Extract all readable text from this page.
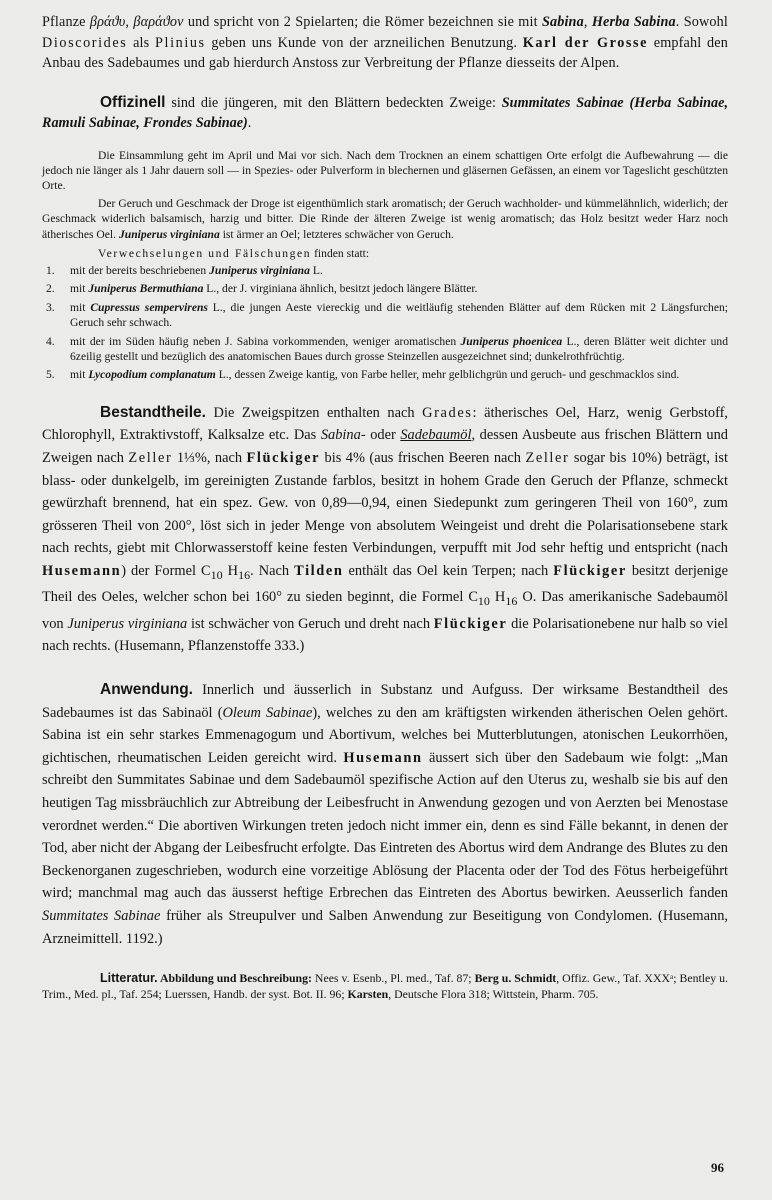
Pflanze βράϑυ, βαράϑον und spricht von 2 Spielarten; die Römer bezeichnen sie mit Sabina, Herba Sabina. Sowohl Dioscorides als Plinius geben uns Kunde von der arzneilichen Benutzung. Karl der Grosse empfahl den Anbau des Sadebaumes und gab hierdurch Anstoss zur Verbreitung der Pflanze diesseits der Alpen.

Offizinell sind die jüngeren, mit den Blättern bedeckten Zweige: Summitates Sabinae (Herba Sabinae, Ramuli Sabinae, Frondes Sabinae).

Die Einsammlung geht im April und Mai vor sich. Nach dem Trocknen an einem schattigen Orte erfolgt die Aufbewahrung — die jedoch nie länger als 1 Jahr dauern soll — in Spezies- oder Pulverform in blechernen und gläsernen Gefässen, an einem vor Tageslicht geschützten Orte.

Der Geruch und Geschmack der Droge ist eigenthümlich stark aromatisch; der Geruch wachholder- und kümmelähnlich, widerlich; der Geschmack widerlich balsamisch, harzig und bitter. Die Rinde der älteren Zweige ist wenig aromatisch; das Holz besitzt weder Harz noch ätherisches Oel. Juniperus virginiana ist ärmer an Oel; letzteres schwächer von Geruch.

Verwechselungen und Fälschungen finden statt:

1.	mit der bereits beschriebenen Juniperus virginiana L.
2.	mit Juniperus Bermuthiana L., der J. virginiana ähnlich, besitzt jedoch längere Blätter.
3.	mit Cupressus sempervirens L., die jungen Aeste viereckig und die weitläufig stehenden Blätter auf dem Rücken mit 2 Längsfurchen; Geruch sehr schwach.
4.	mit der im Süden häufig neben J. Sabina vorkommenden, weniger aromatischen Juniperus phoenicea L., deren Blätter weit dichter und 6zeilig gestellt und bezüglich des anatomischen Baues durch grosse Steinzellen ausgezeichnet sind; dunkelrothfrüchtig.
5.	mit Lycopodium complanatum L., dessen Zweige kantig, von Farbe heller, mehr gelblichgrün und geruch- und geschmacklos sind.

Bestandtheile. Die Zweigspitzen enthalten nach Grades: ätherisches Oel, Harz, wenig Gerbstoff, Chlorophyll, Extraktivstoff, Kalksalze etc. Das Sabina- oder Sadebaumöl, dessen Ausbeute aus frischen Blättern und Zweigen nach Zeller 1⅓%, nach Flückiger bis 4% (aus frischen Beeren nach Zeller sogar bis 10%) beträgt, ist blass- oder dunkelgelb, im gereinigten Zustande farblos, besitzt in hohem Grade den Geruch der Pflanze, schmeckt gewürzhaft brennend, hat ein spez. Gew. von 0,89—0,94, einen Siedepunkt zum geringeren Theil von 160°, zum grösseren Theil von 200°, löst sich in jeder Menge von absolutem Weingeist und dreht die Polarisationsebene stark nach rechts, giebt mit Chlorwasserstoff keine festen Verbindungen, verpufft mit Jod sehr heftig und entspricht (nach Husemann) der Formel $C_{10}$ $H_{16}$. Nach Tilden enthält das Oel kein Terpen; nach Flückiger besitzt derjenige Theil des Oeles, welcher schon bei 160° zu sieden beginnt, die Formel $C_{10}$ $H_{16}$ O. Das amerikanische Sadebaumöl von Juniperus virginiana ist schwächer von Geruch und dreht nach Flückiger die Polarisationebene nur halb so viel nach rechts. (Husemann, Pflanzenstoffe 333.)

Anwendung. Innerlich und äusserlich in Substanz und Aufguss. Der wirksame Bestandtheil des Sadebaumes ist das Sabinaöl (Oleum Sabinae), welches zu den am kräftigsten wirkenden ätherischen Oelen gehört. Sabina ist ein sehr starkes Emmenagogum und Abortivum, welches bei Mutterblutungen, atonischen Leukorrhöen, gichtischen, rheumatischen Leiden gereicht wird. Husemann äussert sich über den Sadebaum wie folgt: „Man schreibt den Summitates Sabinae und dem Sadebaumöl spezifische Action auf den Uterus zu, weshalb sie bis auf den heutigen Tag missbräuchlich zur Abtreibung der Leibesfrucht in Anwendung gezogen und von Aerzten bei Menostase verordnet werden.“ Die abortiven Wirkungen treten jedoch nicht immer ein, denn es sind Fälle bekannt, in denen der Tod, aber nicht der Abgang der Leibesfrucht erfolgte. Das Eintreten des Abortus wird dem Andrange des Blutes zu den Beckenorganen zugeschrieben, wodurch eine vorzeitige Ablösung der Placenta oder der Tod des Fötus herbeigeführt wird; manchmal mag auch das äusserst heftige Erbrechen das Eintreten des Abortus bewirken. Aeusserlich fanden Summitates Sabinae früher als Streupulver und Salben Anwendung zur Beseitigung von Condylomen. (Husemann, Arzneimittell. 1192.)

Litteratur. Abbildung und Beschreibung: Nees v. Esenb., Pl. med., Taf. 87; Berg u. Schmidt, Offiz. Gew., Taf. XXXᵃ; Bentley u. Trim., Med. pl., Taf. 254; Luerssen, Handb. der syst. Bot. II. 96; Karsten, Deutsche Flora 318; Wittstein, Pharm. 705.

96
